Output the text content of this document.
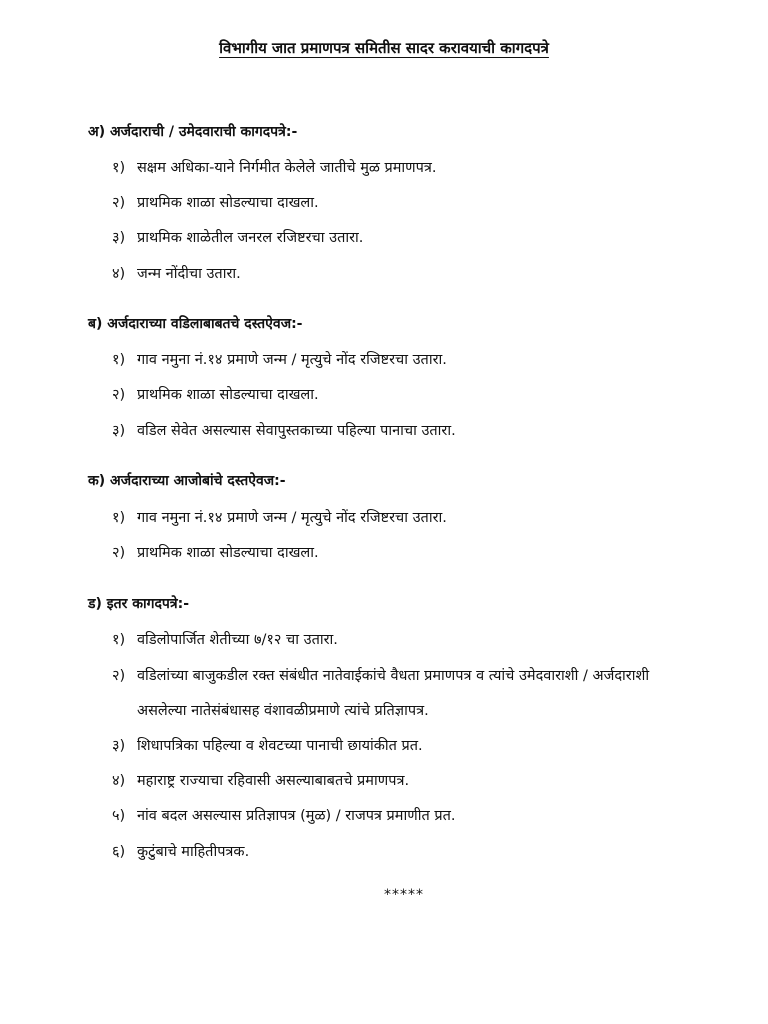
विभागीय जात प्रमाणपत्र समितीस सादर करावयाची कागदपत्रे
अ) अर्जदाराची / उमेदवाराची कागदपत्रे:-
१) सक्षम अधिका-याने निर्गमीत केलेले जातीचे मुळ प्रमाणपत्र.
२) प्राथमिक शाळा सोडल्याचा दाखला.
३) प्राथमिक शाळेतील जनरल रजिष्टरचा उतारा.
४) जन्म नोंदीचा उतारा.
ब) अर्जदाराच्या वडिलाबाबतचे दस्तऐवज:-
१) गाव नमुना नं.१४ प्रमाणे जन्म / मृत्युचे नोंद रजिष्टरचा उतारा.
२) प्राथमिक शाळा सोडल्याचा दाखला.
३) वडिल सेवेत असल्यास सेवापुस्तकाच्या पहिल्या पानाचा उतारा.
क) अर्जदाराच्या आजोबांचे दस्तऐवज:-
१) गाव नमुना नं.१४ प्रमाणे जन्म / मृत्युचे नोंद रजिष्टरचा उतारा.
२) प्राथमिक शाळा सोडल्याचा दाखला.
ड) इतर कागदपत्रे:-
१) वडिलोपार्जित शेतीच्या ७/१२ चा उतारा.
२) वडिलांच्या बाजुकडील रक्त संबंधीत नातेवाईकांचे वैधता प्रमाणपत्र व त्यांचे उमेदवाराशी / अर्जदाराशी
असलेल्या नातेसंबंधासह वंशावळीप्रमाणे त्यांचे प्रतिज्ञापत्र.
३) शिधापत्रिका पहिल्या व शेवटच्या पानाची छायांकीत प्रत.
४) महाराष्ट्र राज्याचा रहिवासी असल्याबाबतचे प्रमाणपत्र.
५) नांव बदल असल्यास प्रतिज्ञापत्र (मुळ) / राजपत्र प्रमाणीत प्रत.
६) कुटुंबाचे माहितीपत्रक.
*****
